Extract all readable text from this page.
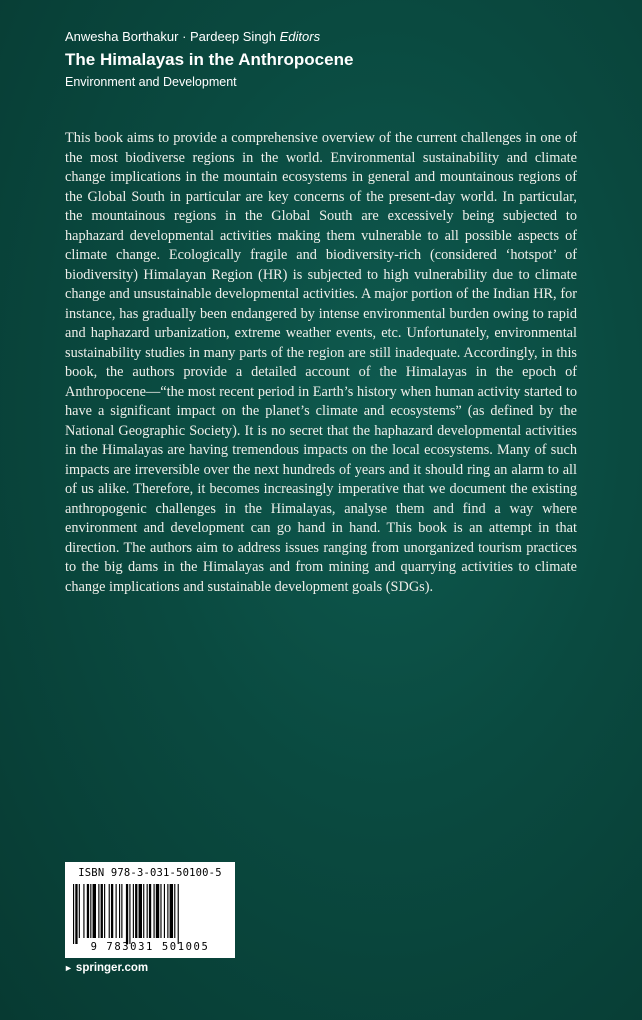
Anwesha Borthakur · Pardeep Singh Editors
The Himalayas in the Anthropocene
Environment and Development

This book aims to provide a comprehensive overview of the current challenges in one of the most biodiverse regions in the world. Environmental sustainability and climate change implications in the mountain ecosystems in general and mountainous regions of the Global South in particular are key concerns of the present-day world. In particular, the mountainous regions in the Global South are excessively being subjected to haphazard developmental activities making them vulnerable to all possible aspects of climate change. Ecologically fragile and biodiversity-rich (considered ‘hotspot’ of biodiversity) Himalayan Region (HR) is subjected to high vulnerability due to climate change and unsustainable developmental activities. A major portion of the Indian HR, for instance, has gradually been endangered by intense environmental burden owing to rapid and haphazard urbanization, extreme weather events, etc. Unfortunately, environmental sustainability studies in many parts of the region are still inadequate. Accordingly, in this book, the authors provide a detailed account of the Himalayas in the epoch of Anthropocene—“the most recent period in Earth’s history when human activity started to have a significant impact on the planet’s climate and ecosystems” (as defined by the National Geographic Society). It is no secret that the haphazard developmental activities in the Himalayas are having tremendous impacts on the local ecosystems. Many of such impacts are irreversible over the next hundreds of years and it should ring an alarm to all of us alike. Therefore, it becomes increasingly imperative that we document the existing anthropogenic challenges in the Himalayas, analyse them and find a way where environment and development can go hand in hand. This book is an attempt in that direction. The authors aim to address issues ranging from unorganized tourism practices to the big dams in the Himalayas and from mining and quarrying activities to climate change implications and sustainable development goals (SDGs).

ISBN 978-3-031-50100-5
9 783031 501005
► springer.com
